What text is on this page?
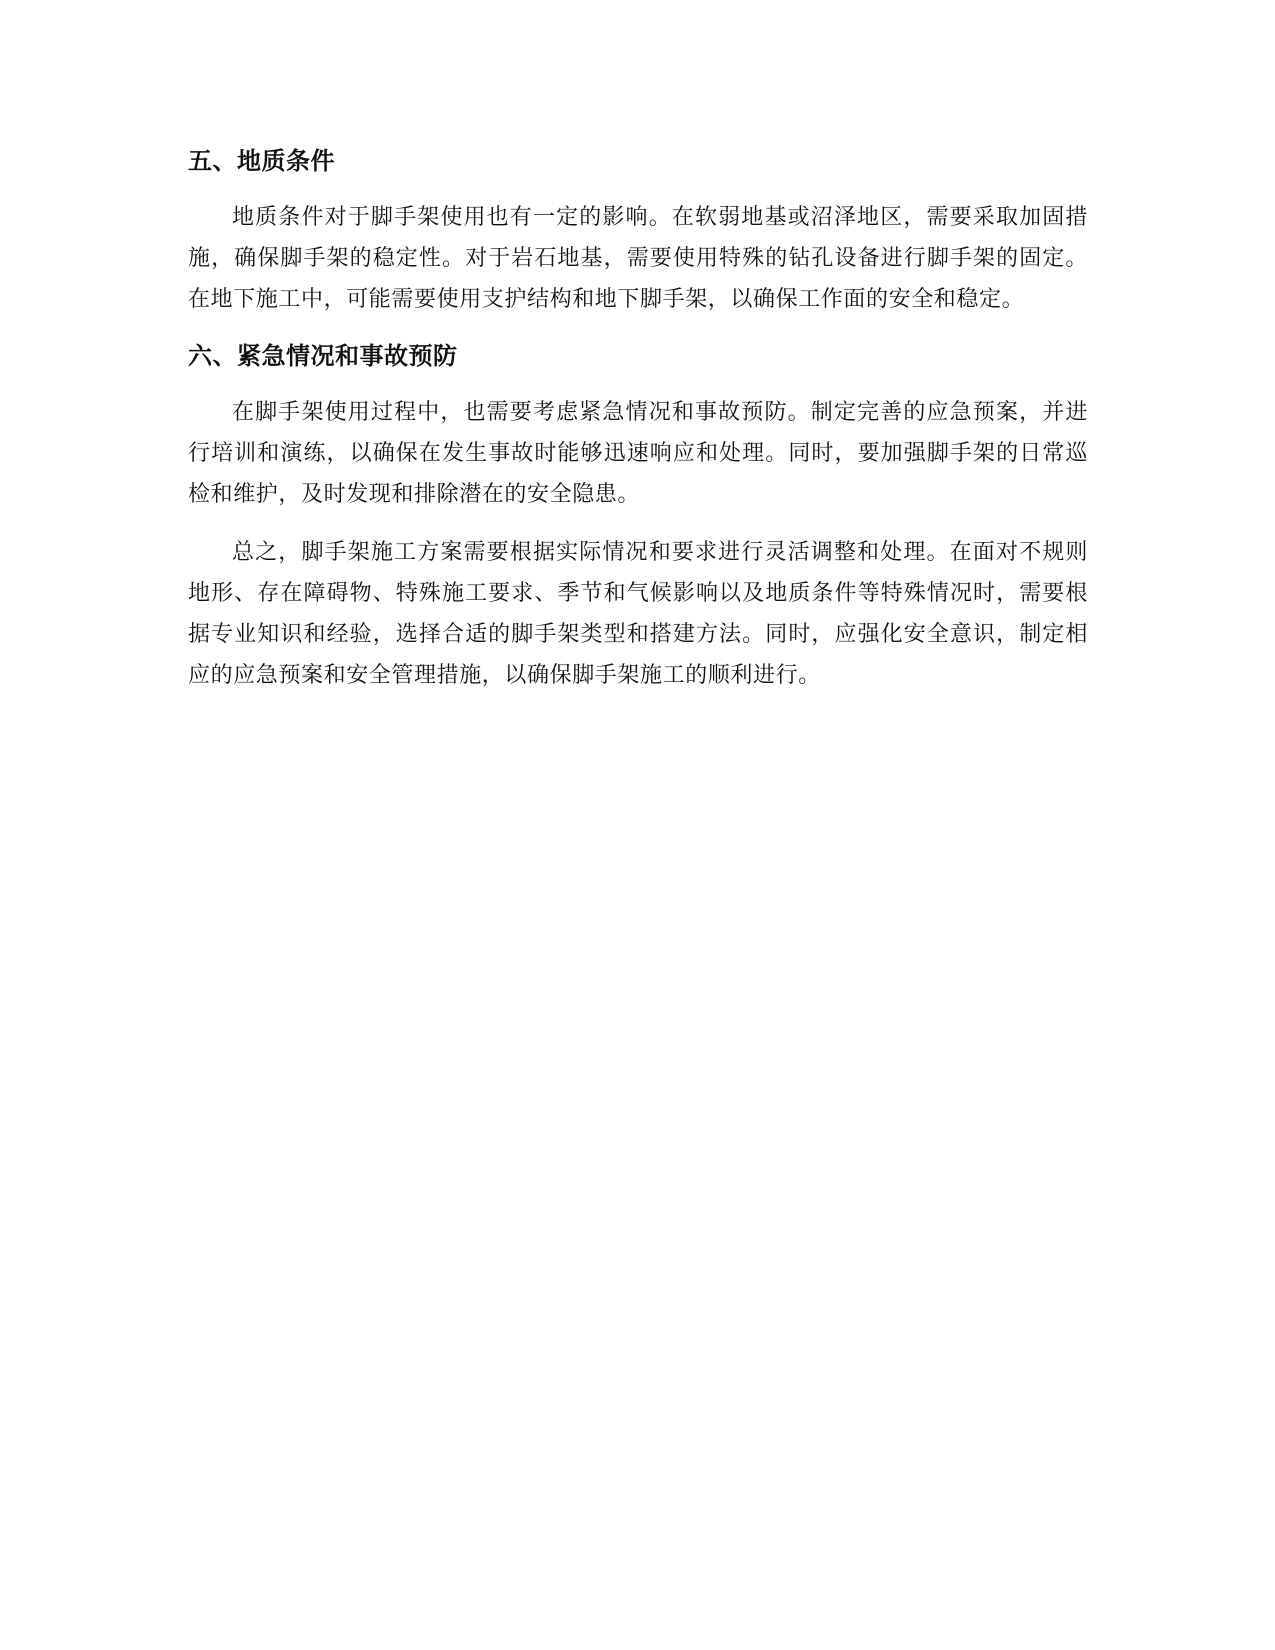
五、地质条件

地质条件对于脚手架使用也有一定的影响。在软弱地基或沼泽地区，需要采取加固措施，确保脚手架的稳定性。对于岩石地基，需要使用特殊的钻孔设备进行脚手架的固定。在地下施工中，可能需要使用支护结构和地下脚手架，以确保工作面的安全和稳定。

六、紧急情况和事故预防

在脚手架使用过程中，也需要考虑紧急情况和事故预防。制定完善的应急预案，并进行培训和演练，以确保在发生事故时能够迅速响应和处理。同时，要加强脚手架的日常巡检和维护，及时发现和排除潜在的安全隐患。

总之，脚手架施工方案需要根据实际情况和要求进行灵活调整和处理。在面对不规则地形、存在障碍物、特殊施工要求、季节和气候影响以及地质条件等特殊情况时，需要根据专业知识和经验，选择合适的脚手架类型和搭建方法。同时，应强化安全意识，制定相应的应急预案和安全管理措施，以确保脚手架施工的顺利进行。
